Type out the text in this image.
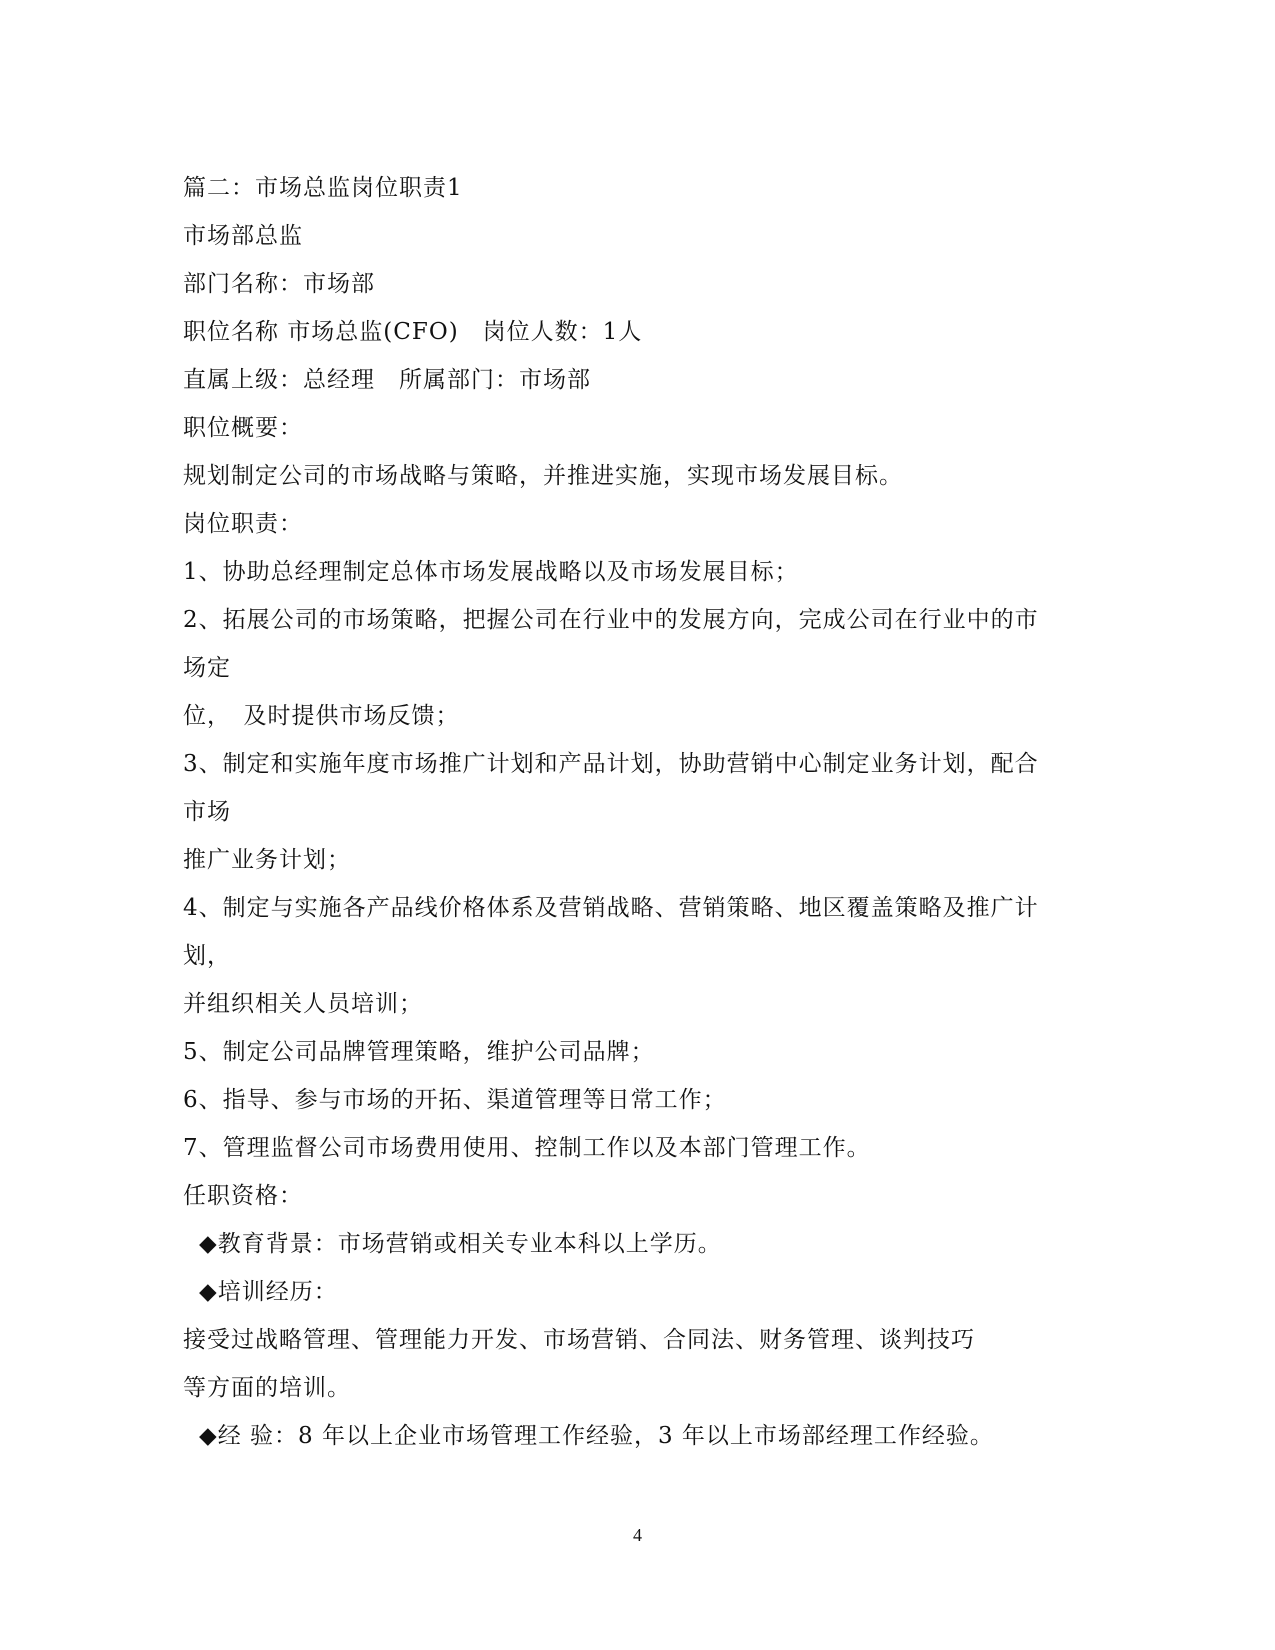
篇二：市场总监岗位职责1
市场部总监
部门名称：市场部
职位名称 市场总监(CFO)　岗位人数：1人
直属上级：总经理　所属部门：市场部
职位概要：
规划制定公司的市场战略与策略，并推进实施，实现市场发展目标。
岗位职责：
1、协助总经理制定总体市场发展战略以及市场发展目标；
2、拓展公司的市场策略，把握公司在行业中的发展方向，完成公司在行业中的市
场定
位，　及时提供市场反馈；
3、制定和实施年度市场推广计划和产品计划，协助营销中心制定业务计划，配合
市场
推广业务计划；
4、制定与实施各产品线价格体系及营销战略、营销策略、地区覆盖策略及推广计
划，
并组织相关人员培训；
5、制定公司品牌管理策略，维护公司品牌；
6、指导、参与市场的开拓、渠道管理等日常工作；
7、管理监督公司市场费用使用、控制工作以及本部门管理工作。
任职资格：
◆教育背景：市场营销或相关专业本科以上学历。
◆培训经历：
接受过战略管理、管理能力开发、市场营销、合同法、财务管理、谈判技巧
等方面的培训。
◆经 验：8 年以上企业市场管理工作经验，3 年以上市场部经理工作经验。
4
